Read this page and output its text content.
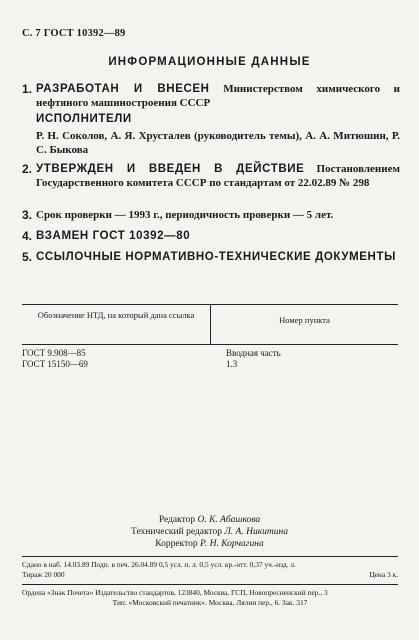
С. 7 ГОСТ 10392—89
ИНФОРМАЦИОННЫЕ ДАННЫЕ
1. РАЗРАБОТАН И ВНЕСЕН Министерством химического и нефтяного машиностроения СССР
ИСПОЛНИТЕЛИ
Р. Н. Соколов, А. Я. Хрусталев (руководитель темы), А. А. Митюшин, Р. С. Быкова
2. УТВЕРЖДЕН И ВВЕДЕН В ДЕЙСТВИЕ Постановлением Государственного комитета СССР по стандартам от 22.02.89 № 298
3. Срок проверки — 1993 г., периодичность проверки — 5 лет.
4. ВЗАМЕН ГОСТ 10392—80
5. ССЫЛОЧНЫЕ НОРМАТИВНО-ТЕХНИЧЕСКИЕ ДОКУМЕНТЫ
Обозначение НТД, на который дана ссылка	Номер пункта
ГОСТ 9.908—85
ГОСТ 15150—69
Вводная часть
1.3
Редактор О. К. Абашкова
Технический редактор Л. А. Никитина
Корректор Р. Н. Корчагина
Сдано в наб. 14.03.89 Подп. в печ. 26.04.89 0,5 усл. п. л. 0,5 усл. кр.-отт. 0,37 уч.-изд. л.
Тираж 20 000	Цена 3 к.
Ордена «Знак Почета» Издательство стандартов, 123840, Москва, ГСП, Новопресненский пер., 3
Тип. «Московский печатник». Москва, Лялин пер., 6. Зак. 317
